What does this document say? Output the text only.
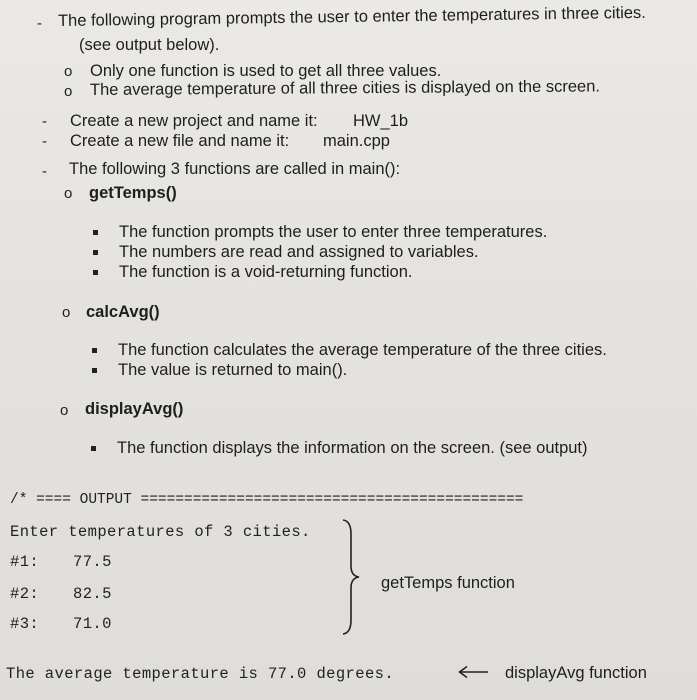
- The following program prompts the user to enter the temperatures in three cities.
(see output below).
o Only one function is used to get all three values.
o The average temperature of all three cities is displayed on the screen.
- Create a new project and name it: HW_1b
- Create a new file and name it: main.cpp
- The following 3 functions are called in main():
o getTemps()
The function prompts the user to enter three temperatures.
The numbers are read and assigned to variables.
The function is a void-returning function.
o calcAvg()
The function calculates the average temperature of the three cities.
The value is returned to main().
o displayAvg()
The function displays the information on the screen. (see output)
/* ==== OUTPUT ============================================
Enter temperatures of 3 cities.
#1: 77.5
#2: 82.5
#3: 71.0
getTemps function
The average temperature is 77.0 degrees.	displayAvg function
